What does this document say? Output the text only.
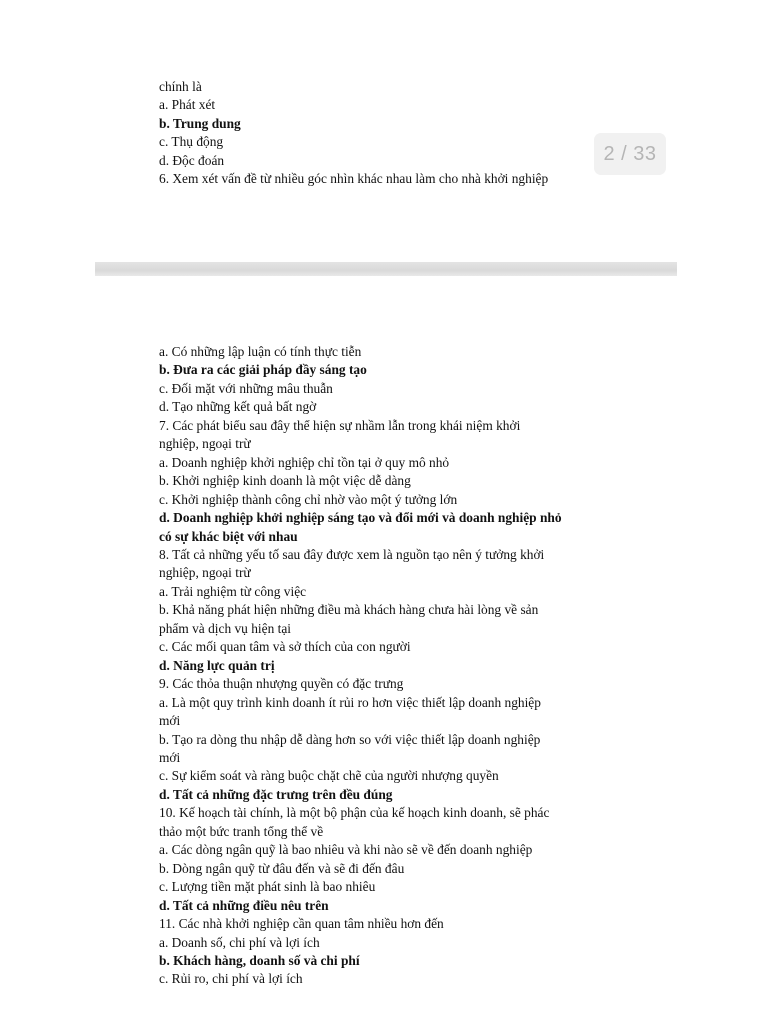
chính là
a. Phát xét
b. Trung dung
c. Thụ động
d. Độc đoán
6. Xem xét vấn đề từ nhiều góc nhìn khác nhau làm cho nhà khởi nghiệp
a. Có những lập luận có tính thực tiễn
b. Đưa ra các giải pháp đầy sáng tạo
c. Đối mặt với những mâu thuẫn
d. Tạo những kết quả bất ngờ
7. Các phát biểu sau đây thể hiện sự nhầm lẫn trong khái niệm khởi
nghiệp, ngoại trừ
a. Doanh nghiệp khởi nghiệp chỉ tồn tại ở quy mô nhỏ
b. Khởi nghiệp kinh doanh là một việc dễ dàng
c. Khởi nghiệp thành công chỉ nhờ vào một ý tưởng lớn
d. Doanh nghiệp khởi nghiệp sáng tạo và đổi mới và doanh nghiệp nhỏ
có sự khác biệt với nhau
8. Tất cả những yếu tố sau đây được xem là nguồn tạo nên ý tưởng khởi
nghiệp, ngoại trừ
a. Trải nghiệm từ công việc
b. Khả năng phát hiện những điều mà khách hàng chưa hài lòng về sản
phẩm và dịch vụ hiện tại
c. Các mối quan tâm và sở thích của con người
d. Năng lực quản trị
9. Các thỏa thuận nhượng quyền có đặc trưng
a. Là một quy trình kinh doanh ít rủi ro hơn việc thiết lập doanh nghiệp
mới
b. Tạo ra dòng thu nhập dễ dàng hơn so với việc thiết lập doanh nghiệp
mới
c. Sự kiểm soát và ràng buộc chặt chẽ của người nhượng quyền
d. Tất cả những đặc trưng trên đều đúng
10. Kế hoạch tài chính, là một bộ phận của kế hoạch kinh doanh, sẽ phác
thảo một bức tranh tổng thể về
a. Các dòng ngân quỹ là bao nhiêu và khi nào sẽ về đến doanh nghiệp
b. Dòng ngân quỹ từ đâu đến và sẽ đi đến đâu
c. Lượng tiền mặt phát sinh là bao nhiêu
d. Tất cả những điều nêu trên
11. Các nhà khởi nghiệp cần quan tâm nhiều hơn đến
a. Doanh số, chi phí và lợi ích
b. Khách hàng, doanh số và chi phí
c. Rủi ro, chi phí và lợi ích
2 / 33
